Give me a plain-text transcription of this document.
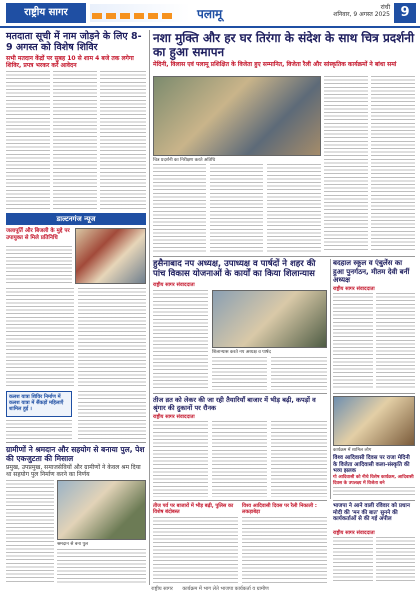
राष्ट्रीय सागर	पलामू	रांची
शनिवार, 9 अगस्त 2025 9
मतदाता सूची में नाम जोड़ने के लिए 8-9 अगस्त को विशेष शिविर
सभी मतदान केंद्रों पर सुबह 10 से शाम 4 बजे तक लगेगा शिविर, प्रपत्र भरकर करें आवेदन
डाल्टनगंज न्यूज
जलापूर्ति और बिजली के मुद्दे पर उपायुक्त से मिले प्रतिनिधि
कलश यात्रा शिविर निर्माण में कलश यात्रा में सैंकड़ों महिलाएँ शामिल हुई ।
ग्रामीणों ने श्रमदान और सहयोग से बनाया पुल, पेश की एकजुटता की मिसाल
प्रमुख, उपप्रमुख, समाजसेवियों और ग्रामीणों ने केवल श्रम दिया था सहयोग पुल निर्माण करने का निर्णय
श्रमदान से बना पुल
नशा मुक्ति और हर घर तिरंगा के संदेश के साथ चित्र प्रदर्शनी का हुआ समापन
मेदिनी, विलास एवं पलामू प्रशिक्षित के विजेता हुए सम्मानित, विजेता रैली और सांस्कृतिक कार्यक्रमों ने बांधा समां
चित्र प्रदर्शनी का निरीक्षण करते अतिथि
हुसैनाबाद नप अध्यक्ष, उपाध्यक्ष व पार्षदों ने शहर की पांच विकास योजनाओं के कार्यों का किया शिलान्यास
राष्ट्रीय सागर संवाददाता
शिलान्यास करते नप अध्यक्ष व पार्षद
तीज व्रत को लेकर की जा रही तैयारियाँ बाजार में भीड़ बढ़ी, कपड़ों व श्रृंगार की दुकानों पर रौनक
राष्ट्रीय सागर संवाददाता
तीज पर्व पर बाजारों में भीड़ बढ़ी, पुलिस का विशेष बंदोबस्त
विश्व आदिवासी दिवस पर रैली निकाली : लकड़ाबेड़ा
बदहाल स्कूल व एंबुलेंस का हुआ पुनर्गठन, मीतम देवी बनीं अध्यक्ष
राष्ट्रीय सागर संवाददाता
कार्यक्रम में शामिल लोग
विश्व आदिवासी दिवस पर राजा मेदिनी के विजेता आदिवासी कला-संस्कृति की भव्य झलक
गो आदिवासी को नीचे विशेष कार्यक्रम, आदिवासी दिवस के उपलक्ष्य में विजेता बने
भाजपा ने आने वाली रविवार को प्रधान मोदी की 'मन की बात' सुनने की कार्यकर्ताओं से की गई अपील
राष्ट्रीय सागर संवाददाता
राष्ट्रीय सागर कार्यक्रम में भाग लेते भाजपा कार्यकर्ता व ग्रामीण
